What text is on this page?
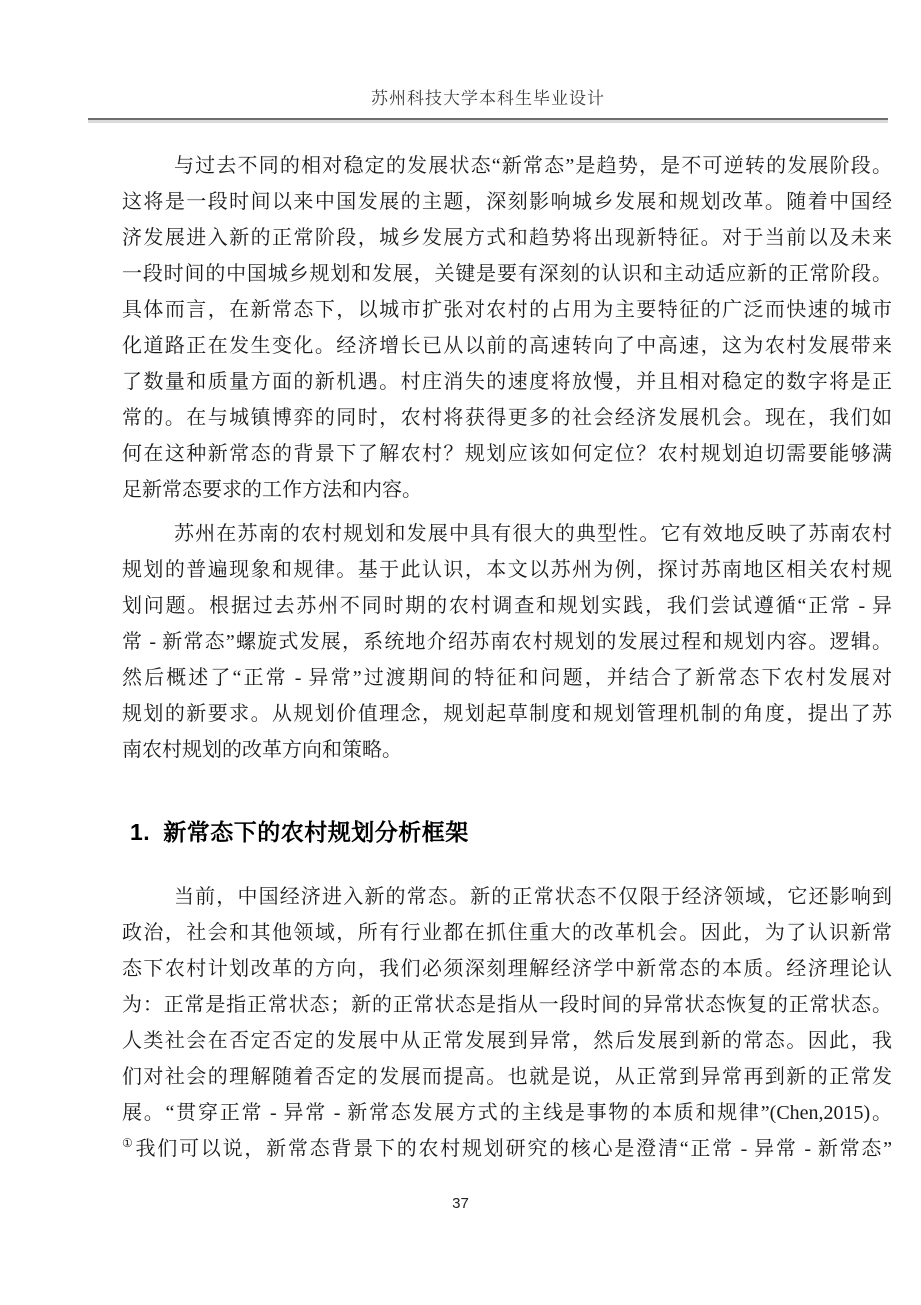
苏州科技大学本科生毕业设计
与过去不同的相对稳定的发展状态“新常态”是趋势，是不可逆转的发展阶段。
这将是一段时间以来中国发展的主题，深刻影响城乡发展和规划改革。随着中国经
济发展进入新的正常阶段，城乡发展方式和趋势将出现新特征。对于当前以及未来
一段时间的中国城乡规划和发展，关键是要有深刻的认识和主动适应新的正常阶段。
具体而言，在新常态下，以城市扩张对农村的占用为主要特征的广泛而快速的城市
化道路正在发生变化。经济增长已从以前的高速转向了中高速，这为农村发展带来
了数量和质量方面的新机遇。村庄消失的速度将放慢，并且相对稳定的数字将是正
常的。在与城镇博弈的同时，农村将获得更多的社会经济发展机会。现在，我们如
何在这种新常态的背景下了解农村？规划应该如何定位？农村规划迫切需要能够满
足新常态要求的工作方法和内容。
苏州在苏南的农村规划和发展中具有很大的典型性。它有效地反映了苏南农村
规划的普遍现象和规律。基于此认识，本文以苏州为例，探讨苏南地区相关农村规
划问题。根据过去苏州不同时期的农村调查和规划实践，我们尝试遵循“正常 - 异
常 - 新常态”螺旋式发展，系统地介绍苏南农村规划的发展过程和规划内容。逻辑。
然后概述了“正常 - 异常”过渡期间的特征和问题，并结合了新常态下农村发展对
规划的新要求。从规划价值理念，规划起草制度和规划管理机制的角度，提出了苏
南农村规划的改革方向和策略。
1. 新常态下的农村规划分析框架
当前，中国经济进入新的常态。新的正常状态不仅限于经济领域，它还影响到
政治，社会和其他领域，所有行业都在抓住重大的改革机会。因此，为了认识新常
态下农村计划改革的方向，我们必须深刻理解经济学中新常态的本质。经济理论认
为：正常是指正常状态；新的正常状态是指从一段时间的异常状态恢复的正常状态。
人类社会在否定否定的发展中从正常发展到异常，然后发展到新的常态。因此，我
们对社会的理解随着否定的发展而提高。也就是说，从正常到异常再到新的正常发
展。“贯穿正常 - 异常 - 新常态发展方式的主线是事物的本质和规律”(Chen,2015)。
①我们可以说，新常态背景下的农村规划研究的核心是澄清“正常 - 异常 - 新常态”
37
